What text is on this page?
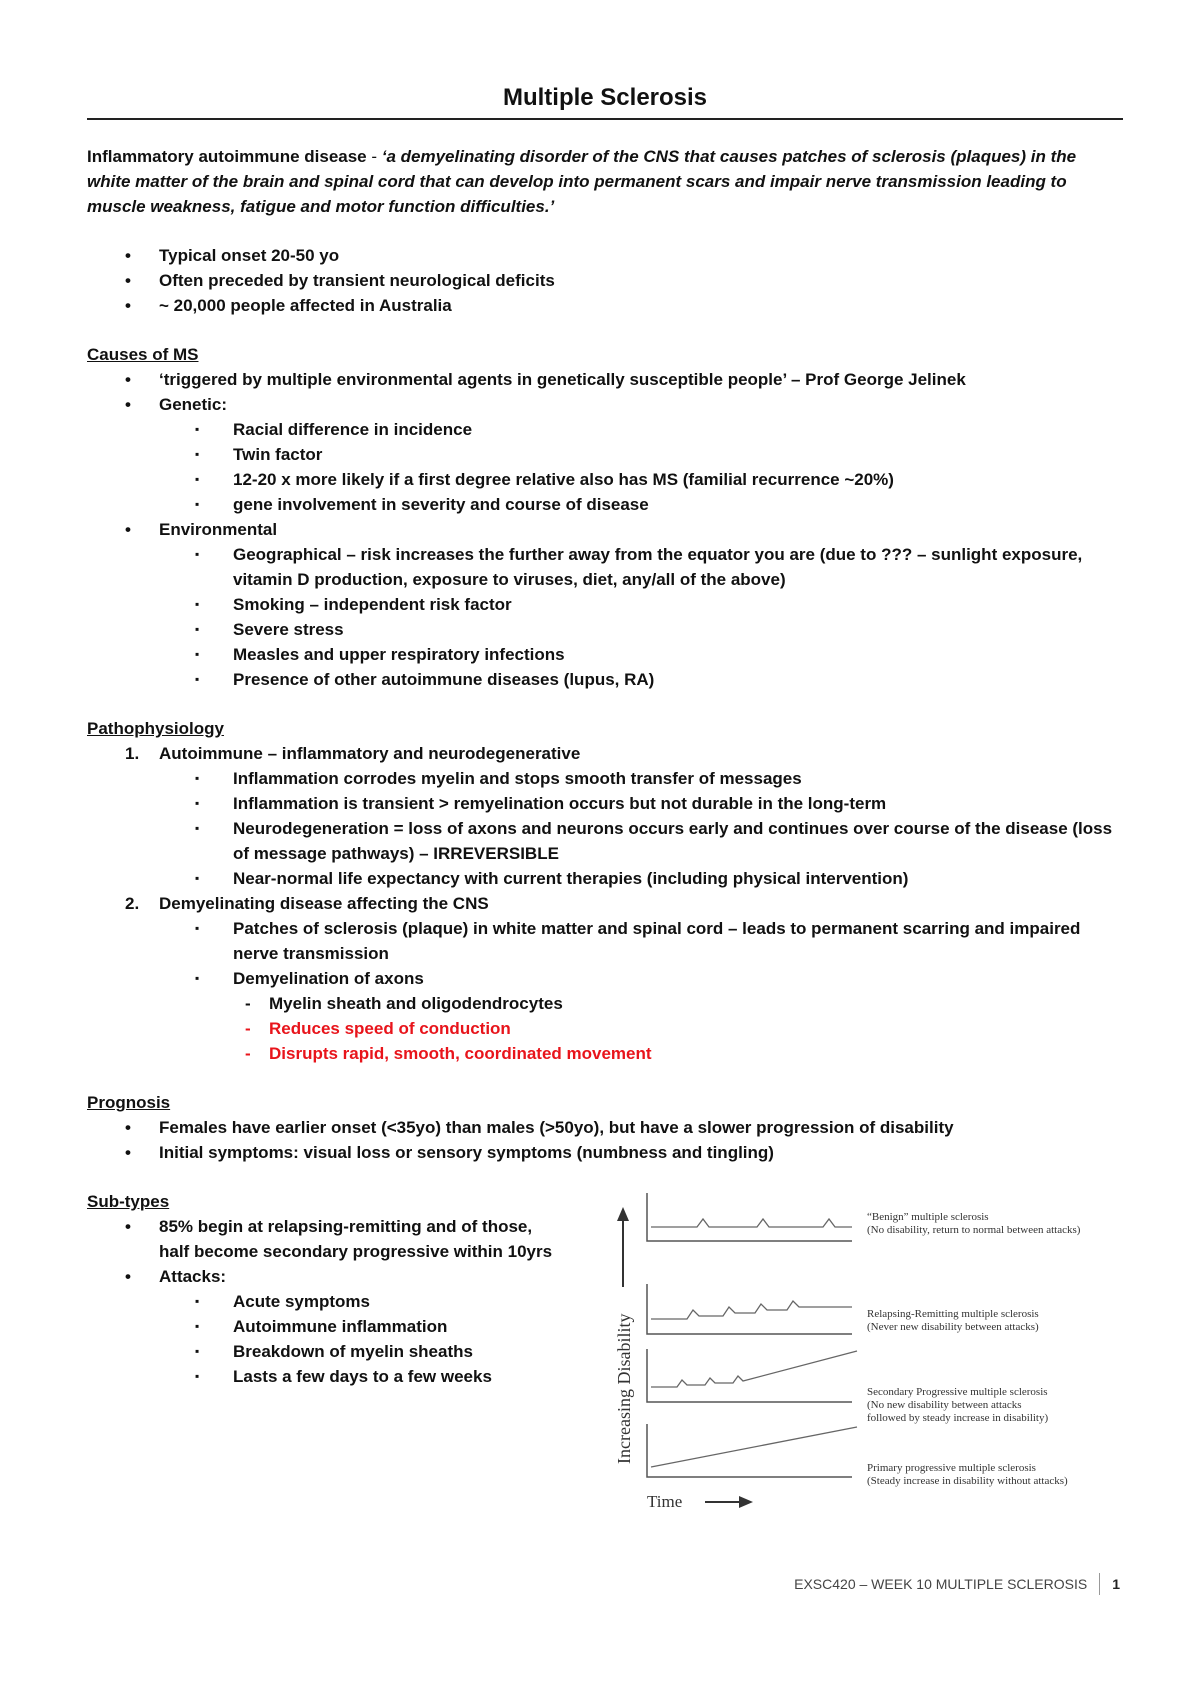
Multiple Sclerosis

Inflammatory autoimmune disease - ‘a demyelinating disorder of the CNS that causes patches of sclerosis (plaques) in the white matter of the brain and spinal cord that can develop into permanent scars and impair nerve transmission leading to muscle weakness, fatigue and motor function difficulties.’

• Typical onset 20-50 yo
• Often preceded by transient neurological deficits
• ~ 20,000 people affected in Australia
Causes of MS
• ‘triggered by multiple environmental agents in genetically susceptible people’ – Prof George Jelinek
• Genetic:
▪ Racial difference in incidence
▪ Twin factor
▪ 12-20 x more likely if a first degree relative also has MS (familial recurrence ~20%)
▪ gene involvement in severity and course of disease
• Environmental
▪ Geographical – risk increases the further away from the equator you are (due to ??? – sunlight exposure, vitamin D production, exposure to viruses, diet, any/all of the above)
▪ Smoking – independent risk factor
▪ Severe stress
▪ Measles and upper respiratory infections
▪ Presence of other autoimmune diseases (lupus, RA)
Pathophysiology
1. Autoimmune – inflammatory and neurodegenerative
▪ Inflammation corrodes myelin and stops smooth transfer of messages
▪ Inflammation is transient > remyelination occurs but not durable in the long-term
▪ Neurodegeneration = loss of axons and neurons occurs early and continues over course of the disease (loss of message pathways) – IRREVERSIBLE
▪ Near-normal life expectancy with current therapies (including physical intervention)
2. Demyelinating disease affecting the CNS
▪ Patches of sclerosis (plaque) in white matter and spinal cord – leads to permanent scarring and impaired nerve transmission
▪ Demyelination of axons
- Myelin sheath and oligodendrocytes
- Reduces speed of conduction
- Disrupts rapid, smooth, coordinated movement
Prognosis
• Females have earlier onset (<35yo) than males (>50yo), but have a slower progression of disability
• Initial symptoms: visual loss or sensory symptoms (numbness and tingling)
Sub-types
• 85% begin at relapsing-remitting and of those, half become secondary progressive within 10yrs
• Attacks:
▪ Acute symptoms
▪ Autoimmune inflammation
▪ Breakdown of myelin sheaths
▪ Lasts a few days to a few weeks	Increasing Disability
“Benign” multiple sclerosis
(No disability, return to normal between attacks)
Relapsing-Remitting multiple sclerosis
(Never new disability between attacks)
Secondary Progressive multiple sclerosis
(No new disability between attacks
followed by steady increase in disability)
Primary progressive multiple sclerosis
(Steady increase in disability without attacks)
Time
EXSC420 – WEEK 10 MULTIPLE SCLEROSIS 1
